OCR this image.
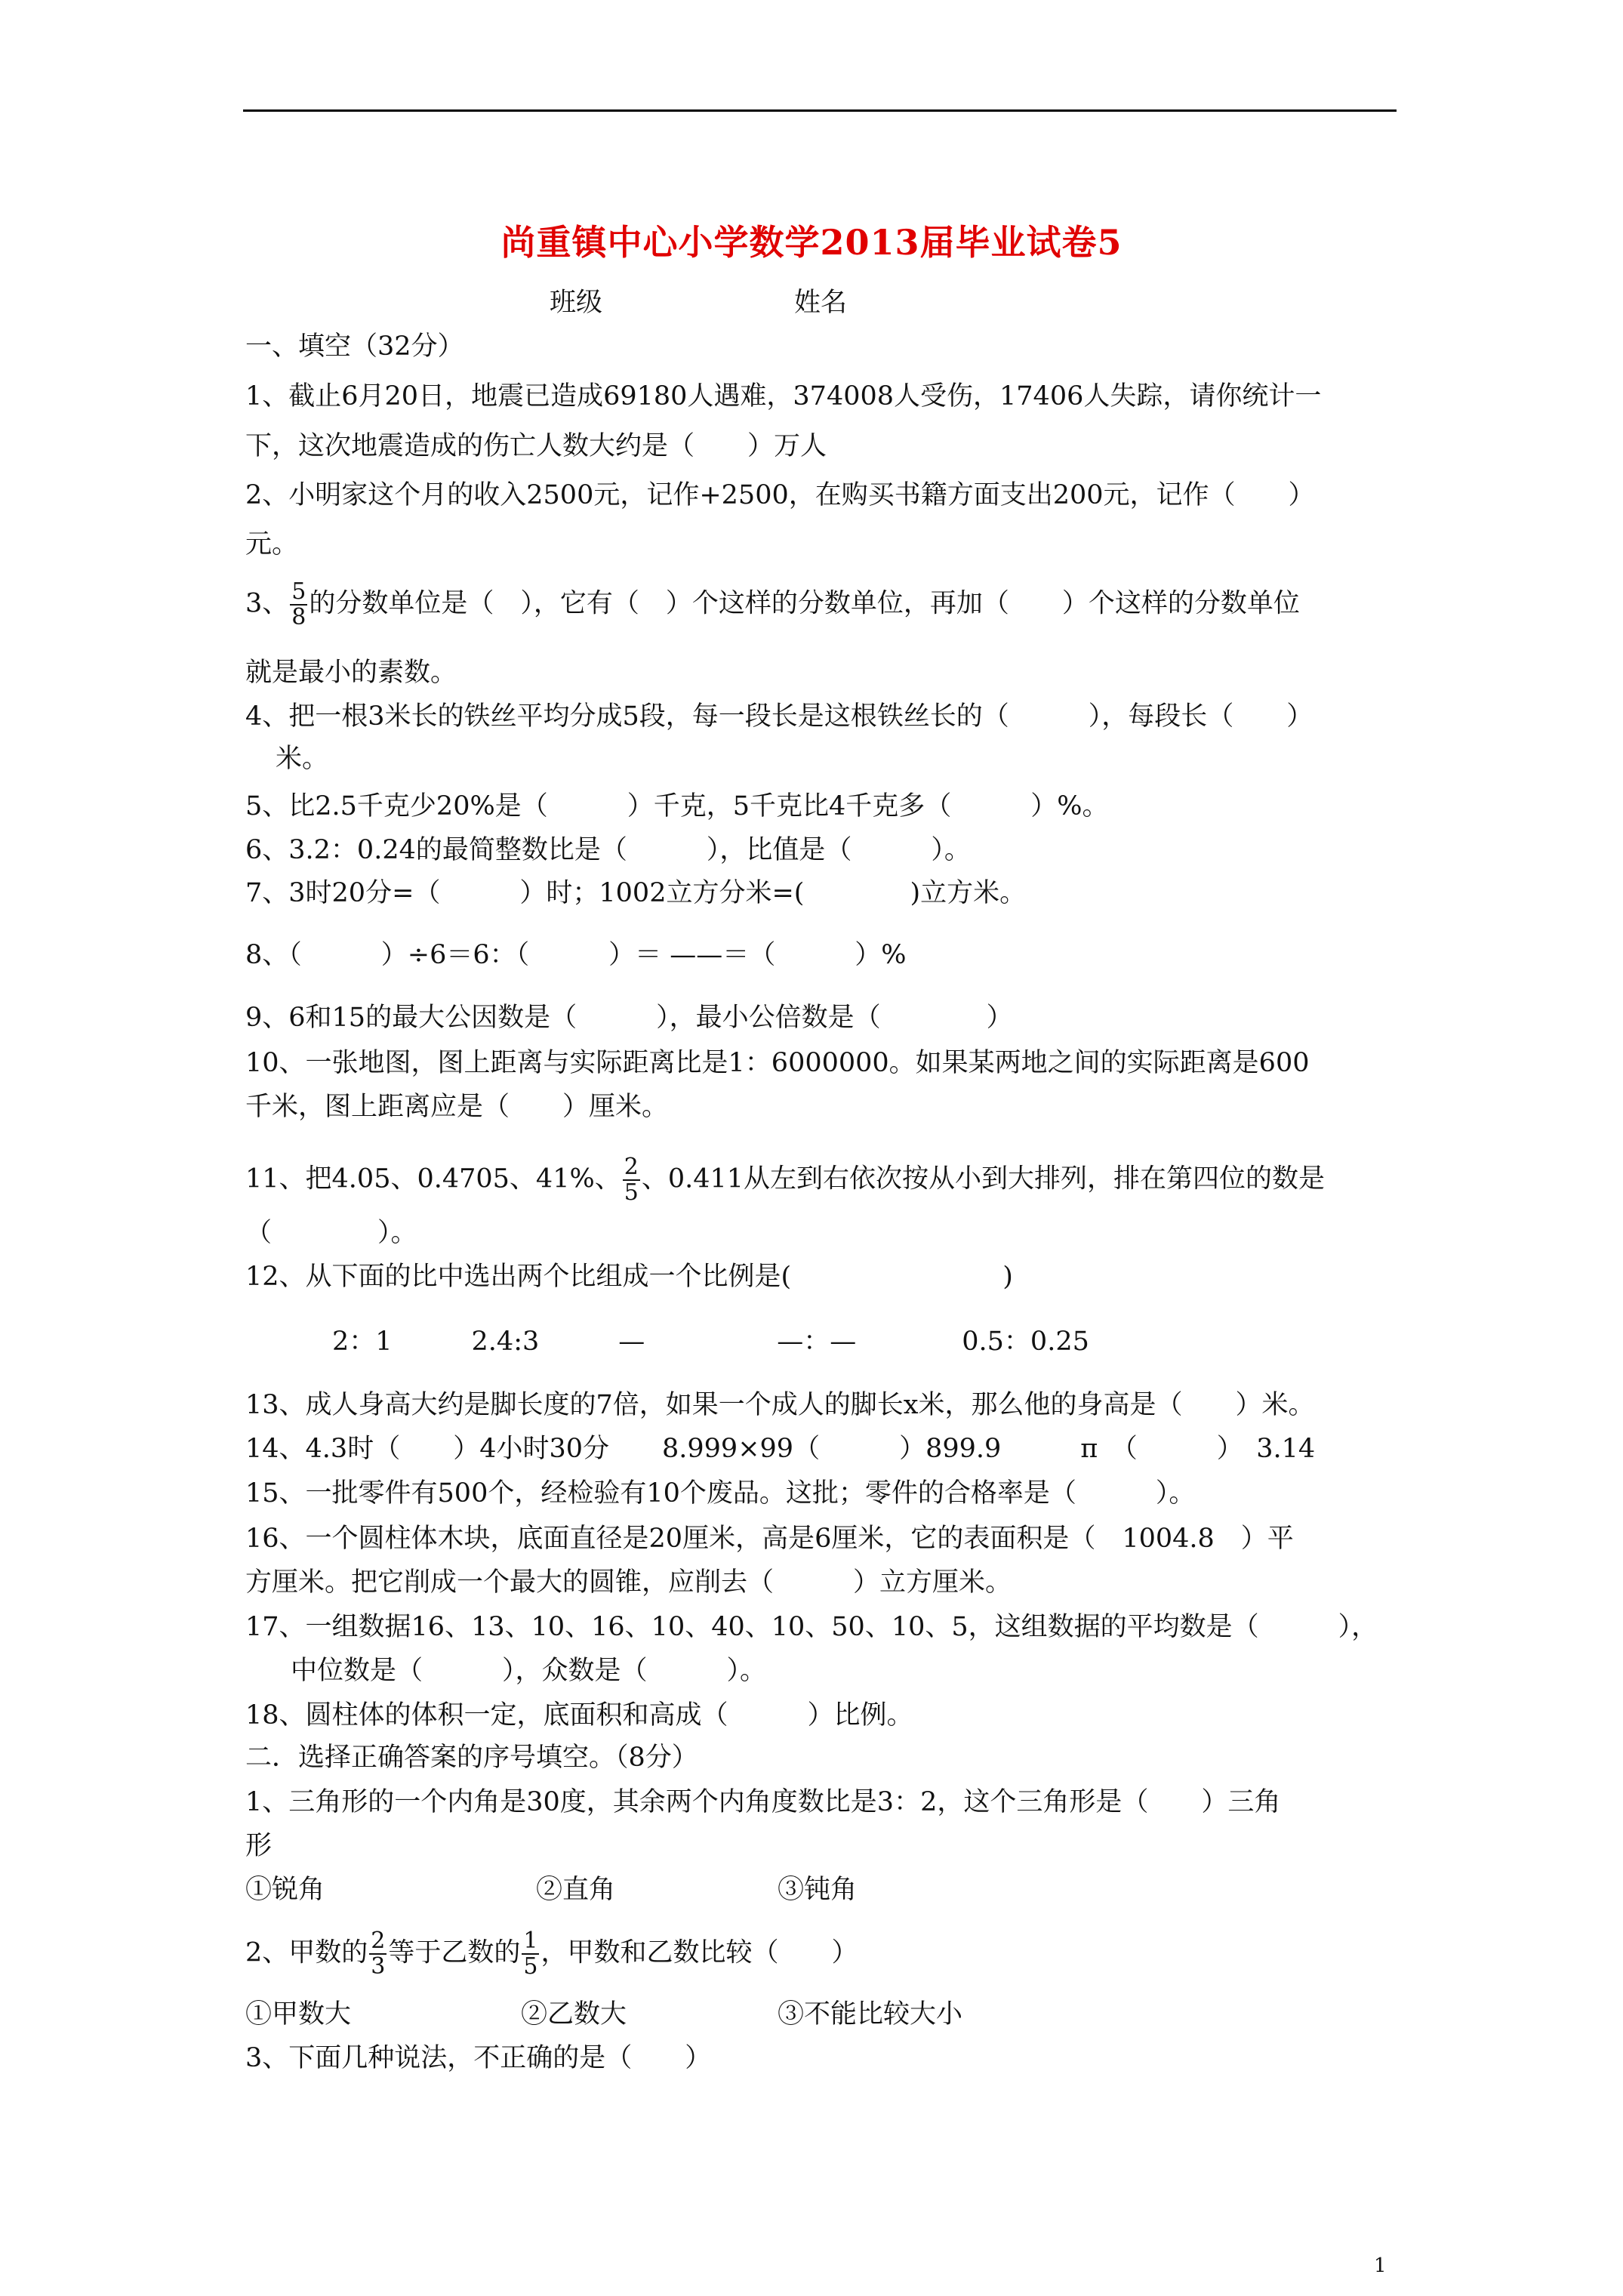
尚重镇中心小学数学2013届毕业试卷5
班级	姓名
一、填空（32分）
1、截止6月20日，地震已造成69180人遇难，374008人受伤，17406人失踪，请你统计一
下，这次地震造成的伤亡人数大约是（　　）万人
2、小明家这个月的收入2500元，记作+2500，在购买书籍方面支出200元，记作（　　）
元。
3、 $\frac{5}{8}$ 的分数单位是（　），它有（　）个这样的分数单位，再加（　　）个这样的分数单位
就是最小的素数。
4、把一根3米长的铁丝平均分成5段，每一段长是这根铁丝长的（　　　），每段长（　　）
米。
5、比2.5千克少20%是（　　　）千克，5千克比4千克多（　　　）%。
6、3.2：0.24的最简整数比是（　　　），比值是（　　　）。
7、3时20分=（　　　）时；1002立方分米=(　　　　)立方米。
8、（　　　）÷6＝6：（　　　）＝ ——＝（　　　）%
9、6和15的最大公因数是（　　　），最小公倍数是（　　　　）
10、一张地图，图上距离与实际距离比是1：6000000。如果某两地之间的实际距离是600
千米，图上距离应是（　　）厘米。
11、把4.05、0.4705、41%、 $\frac{2}{5}$ 、0.411从左到右依次按从小到大排列，排在第四位的数是
（　　　　）。
12、从下面的比中选出两个比组成一个比例是(　　　　　　　　)
2：1　　　2.4:3　　　—　　　　　—：—　　　　0.5：0.25
13、成人身高大约是脚长度的7倍，如果一个成人的脚长x米，那么他的身高是（　　）米。
14、4.3时（　　）4小时30分　　8.999×99（　　　）899.9　　　π　（　　　）　3.14
15、一批零件有500个，经检验有10个废品。这批；零件的合格率是（　　　）。
16、一个圆柱体木块，底面直径是20厘米，高是6厘米，它的表面积是（　1004.8　）平
方厘米。把它削成一个最大的圆锥，应削去（　　　）立方厘米。
17、一组数据16、13、10、16、10、40、10、50、10、5，这组数据的平均数是（　　　），
中位数是（　　　），众数是（　　　）。
18、圆柱体的体积一定，底面积和高成（　　　）比例。
二．选择正确答案的序号填空。（8分）
1、三角形的一个内角是30度，其余两个内角度数比是3：2，这个三角形是（　　）三角
形
①锐角	②直角	③钝角
2、甲数的 $\frac{2}{3}$ 等于乙数的 $\frac{1}{5}$ ，甲数和乙数比较（　　）
①甲数大	②乙数大	③不能比较大小
3、下面几种说法，不正确的是（　　）
1
